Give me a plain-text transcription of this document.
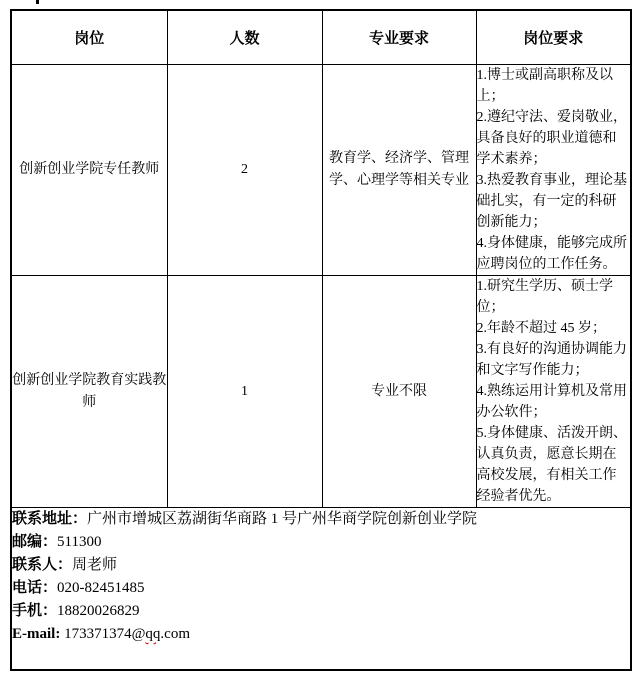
岗位	人数	专业要求	岗位要求
创新创业学院专任教师	2	教育学、经济学、管理学、心理学等相关专业	1.博士或副高职称及以上；
2.遵纪守法、爱岗敬业，具备良好的职业道德和学术素养；
3.热爱教育事业，理论基础扎实，有一定的科研创新能力；
4.身体健康，能够完成所应聘岗位的工作任务。

创新创业学院教育实践教师	1	专业不限	1.研究生学历、硕士学位；
2.年龄不超过 45 岁；
3.有良好的沟通协调能力和文字写作能力；
4.熟练运用计算机及常用办公软件；
5.身体健康、活泼开朗、认真负责，愿意长期在高校发展，有相关工作经验者优先。

联系地址：广州市增城区荔湖街华商路 1 号广州华商学院创新创业学院
邮编：511300
联系人：周老师
电话：020-82451485
手机：18820026829
E-mail: 173371374@qq.com
